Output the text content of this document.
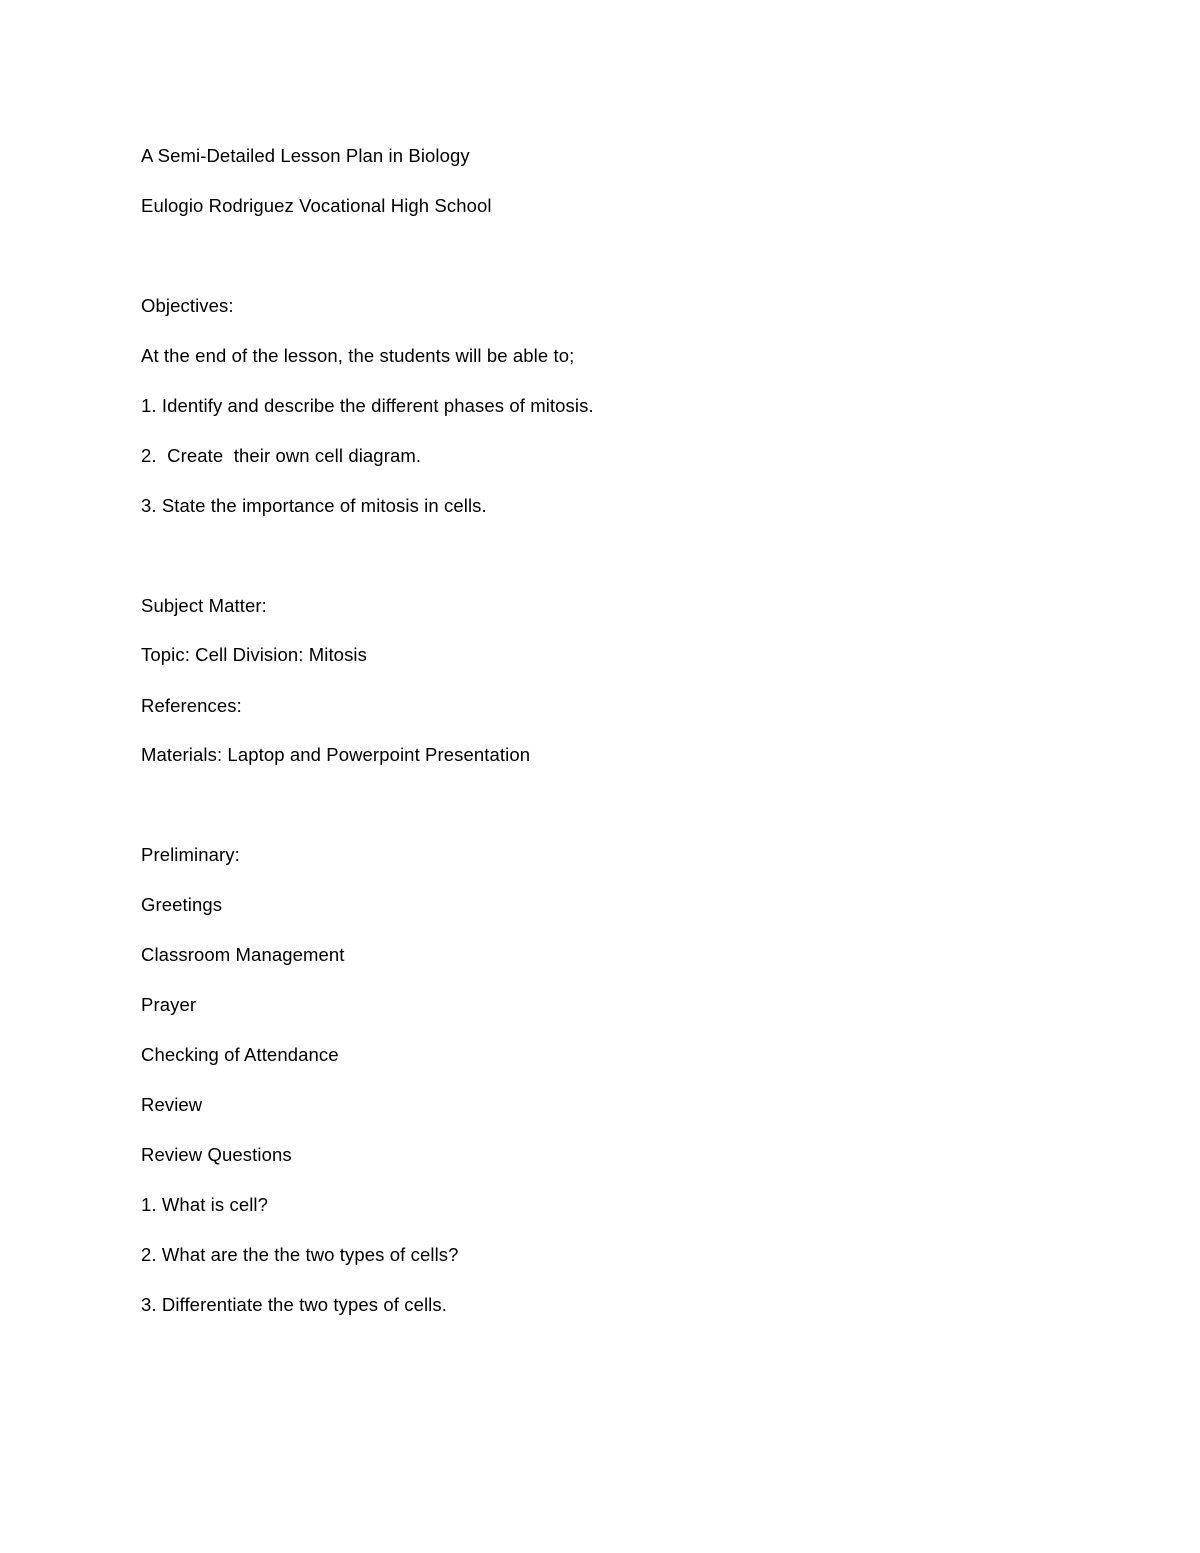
A Semi-Detailed Lesson Plan in Biology
Eulogio Rodriguez Vocational High School
Objectives:
At the end of the lesson, the students will be able to;
1. Identify and describe the different phases of mitosis.
2.  Create  their own cell diagram.
3. State the importance of mitosis in cells.
Subject Matter:
Topic: Cell Division: Mitosis
References:
Materials: Laptop and Powerpoint Presentation
Preliminary:
Greetings
Classroom Management
Prayer
Checking of Attendance
Review
Review Questions
1. What is cell?
2. What are the the two types of cells?
3. Differentiate the two types of cells.
